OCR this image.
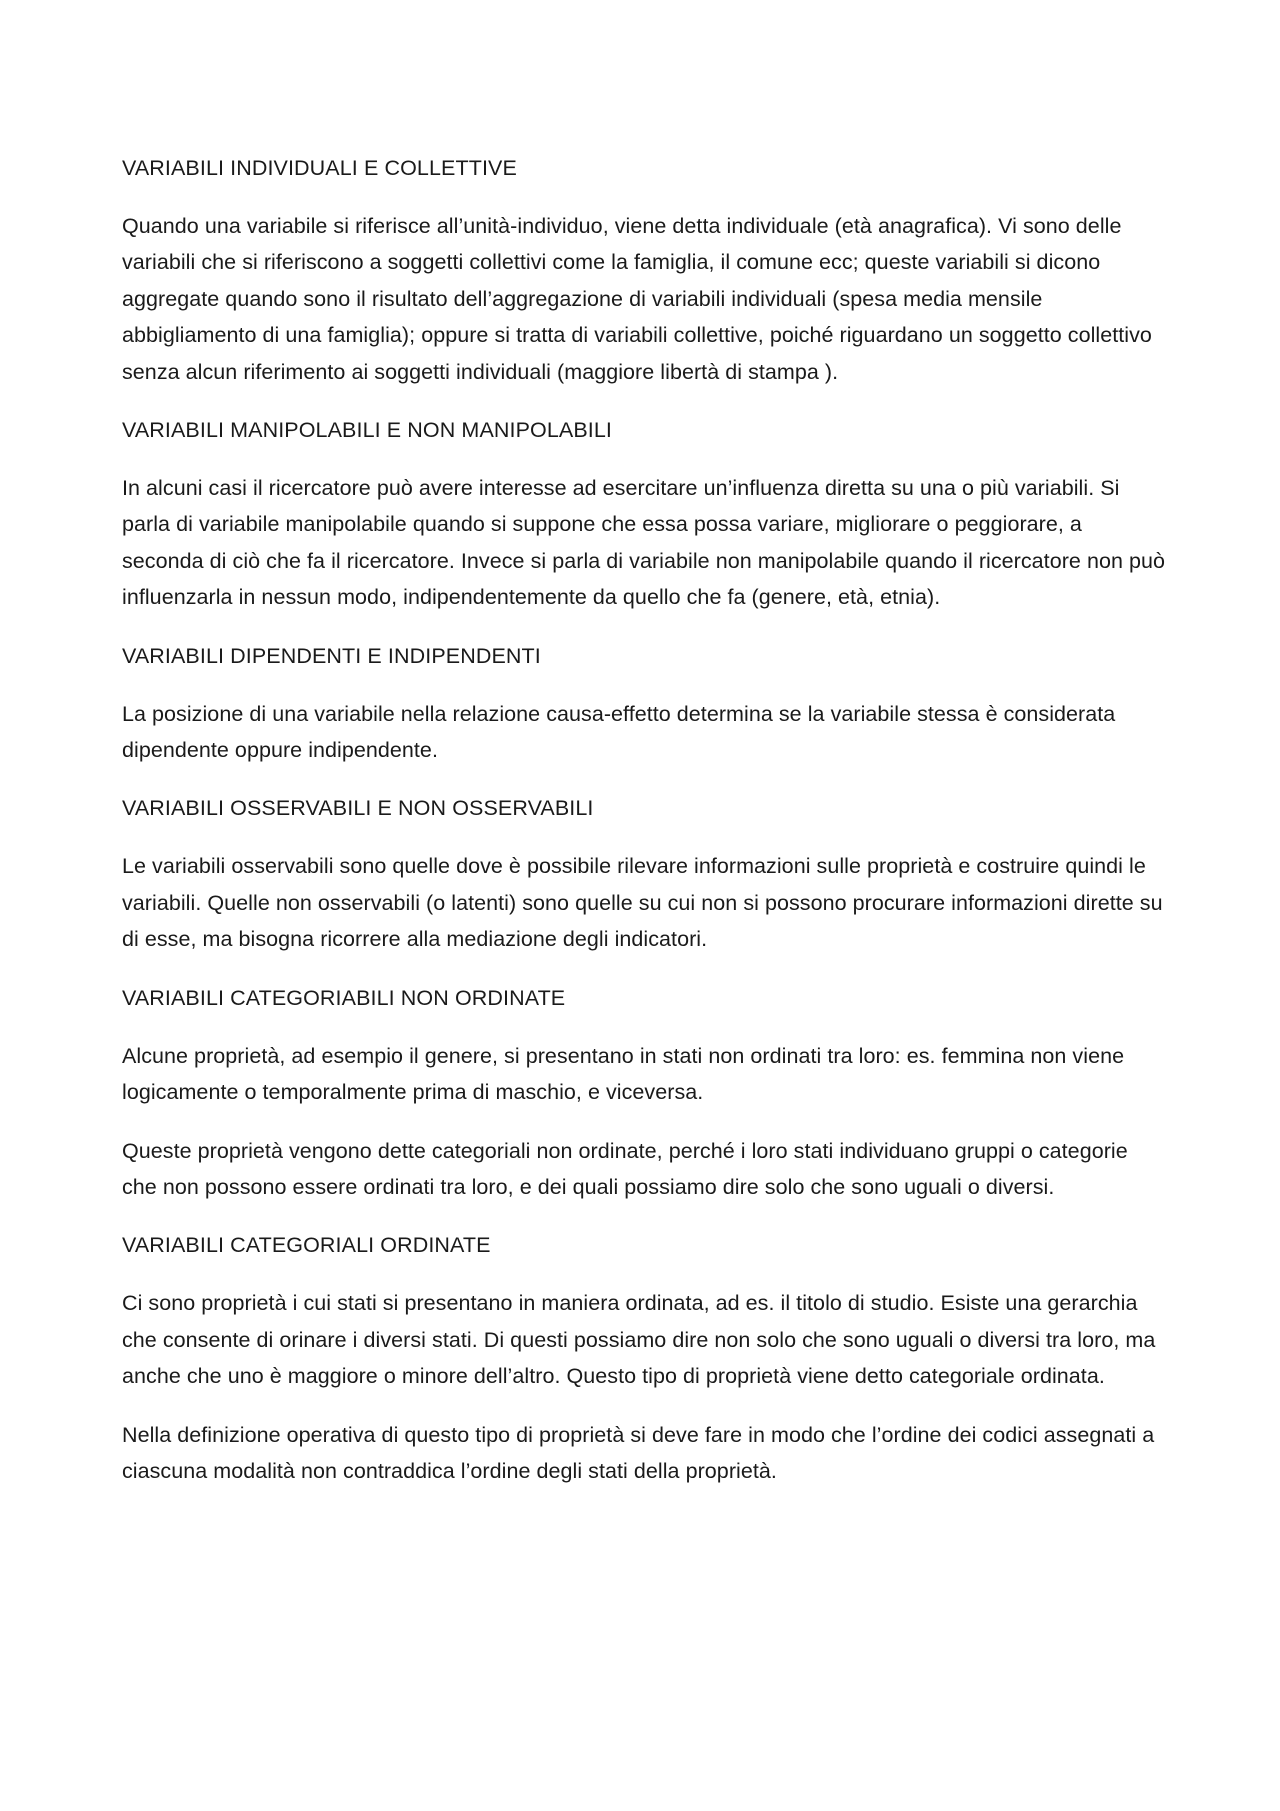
VARIABILI INDIVIDUALI E COLLETTIVE
Quando una variabile si riferisce all’unità-individuo, viene detta individuale (età anagrafica). Vi sono delle variabili che si riferiscono a soggetti collettivi come la famiglia, il comune ecc; queste variabili si dicono aggregate quando sono il risultato dell’aggregazione di variabili individuali (spesa media mensile abbigliamento di una famiglia); oppure si tratta di variabili collettive, poiché riguardano un soggetto collettivo senza alcun riferimento ai soggetti individuali (maggiore libertà di stampa ).
VARIABILI MANIPOLABILI E NON MANIPOLABILI
In alcuni casi il ricercatore può avere interesse ad esercitare un’influenza diretta su una o più variabili. Si parla di variabile manipolabile quando si suppone che essa possa variare, migliorare o peggiorare, a seconda di ciò che fa il ricercatore. Invece si parla di variabile non manipolabile quando il ricercatore non può influenzarla in nessun modo, indipendentemente da quello che fa (genere, età, etnia).
VARIABILI DIPENDENTI E INDIPENDENTI
La posizione di una variabile nella relazione causa-effetto determina se la variabile stessa è considerata dipendente oppure indipendente.
VARIABILI OSSERVABILI E NON OSSERVABILI
Le variabili osservabili sono quelle dove è possibile rilevare informazioni sulle proprietà e costruire quindi le variabili. Quelle non osservabili (o latenti) sono quelle su cui non si possono procurare informazioni dirette su di esse, ma bisogna ricorrere alla mediazione degli indicatori.
VARIABILI CATEGORIABILI NON ORDINATE
Alcune proprietà, ad esempio il genere, si presentano in stati non ordinati tra loro: es. femmina non viene logicamente o temporalmente prima di maschio, e viceversa.
Queste proprietà vengono dette categoriali non ordinate, perché i loro stati individuano gruppi o categorie che non possono essere ordinati tra loro, e dei quali possiamo dire solo che sono uguali o diversi.
VARIABILI CATEGORIALI ORDINATE
Ci sono proprietà i cui stati si presentano in maniera ordinata, ad es. il titolo di studio. Esiste una gerarchia che consente di orinare i diversi stati. Di questi possiamo dire non solo che sono uguali o diversi tra loro, ma anche che uno è maggiore o minore dell’altro. Questo tipo di proprietà viene detto categoriale ordinata.
Nella definizione operativa di questo tipo di proprietà si deve fare in modo che l’ordine dei codici assegnati a ciascuna modalità non contraddica l’ordine degli stati della proprietà.
